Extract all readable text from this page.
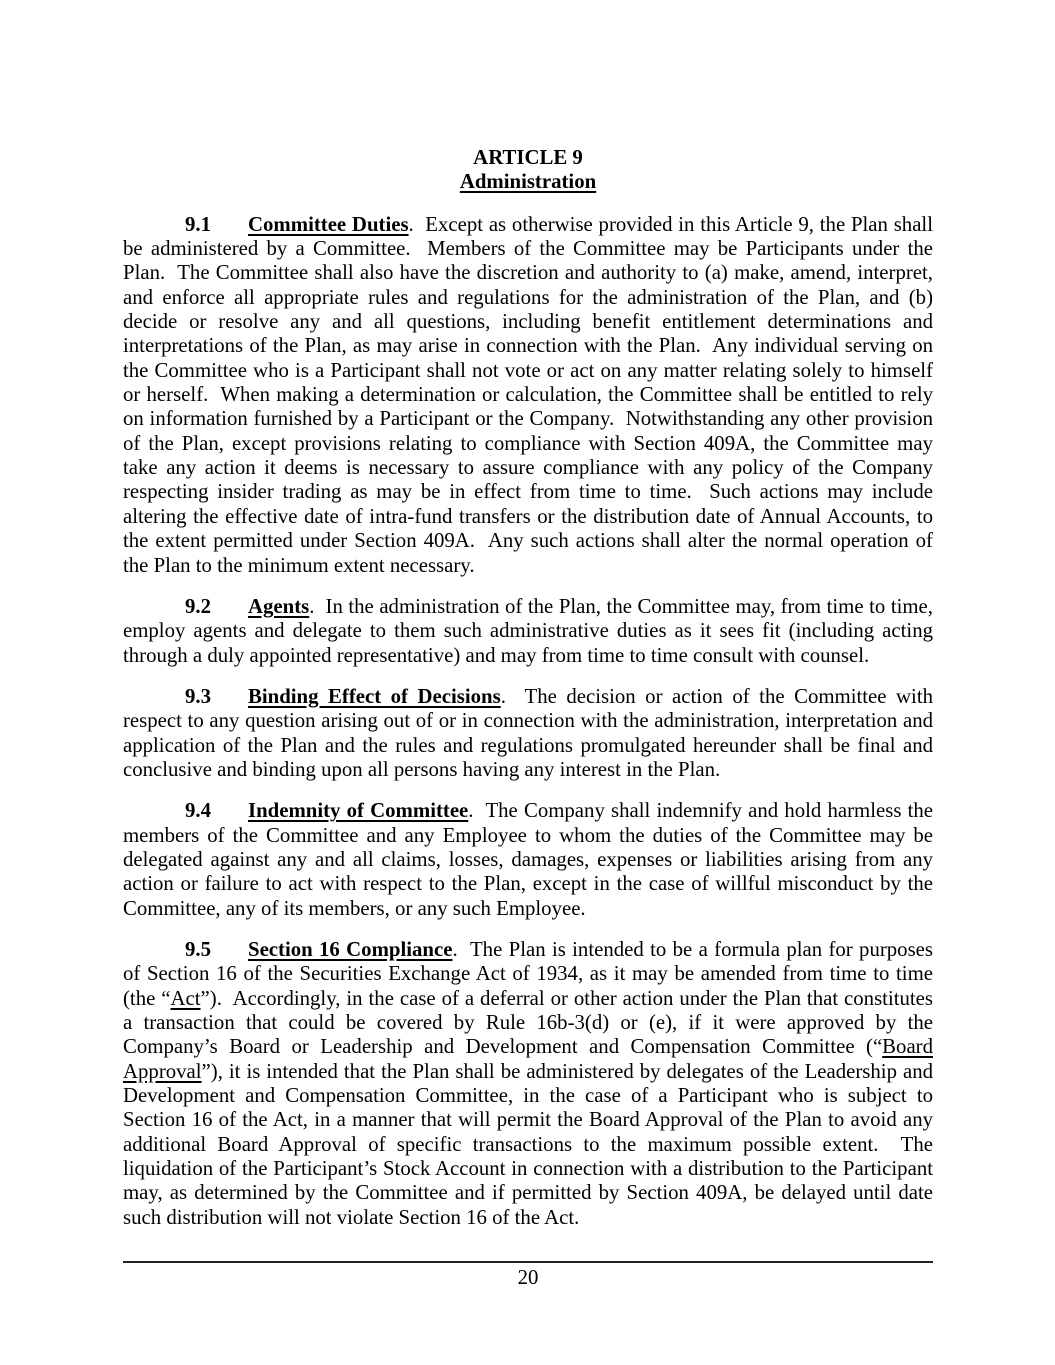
ARTICLE 9
Administration

9.1 Committee Duties.  Except as otherwise provided in this Article 9, the Plan shall be administered by a Committee.  Members of the Committee may be Participants under the Plan.  The Committee shall also have the discretion and authority to (a) make, amend, interpret, and enforce all appropriate rules and regulations for the administration of the Plan, and (b) decide or resolve any and all questions, including benefit entitlement determinations and interpretations of the Plan, as may arise in connection with the Plan.  Any individual serving on the Committee who is a Participant shall not vote or act on any matter relating solely to himself or herself.  When making a determination or calculation, the Committee shall be entitled to rely on information furnished by a Participant or the Company.  Notwithstanding any other provision of the Plan, except provisions relating to compliance with Section 409A, the Committee may take any action it deems is necessary to assure compliance with any policy of the Company respecting insider trading as may be in effect from time to time.  Such actions may include altering the effective date of intra-fund transfers or the distribution date of Annual Accounts, to the extent permitted under Section 409A.  Any such actions shall alter the normal operation of the Plan to the minimum extent necessary.

9.2 Agents.  In the administration of the Plan, the Committee may, from time to time, employ agents and delegate to them such administrative duties as it sees fit (including acting through a duly appointed representative) and may from time to time consult with counsel.

9.3 Binding Effect of Decisions.  The decision or action of the Committee with respect to any question arising out of or in connection with the administration, interpretation and application of the Plan and the rules and regulations promulgated hereunder shall be final and conclusive and binding upon all persons having any interest in the Plan.

9.4 Indemnity of Committee.  The Company shall indemnify and hold harmless the members of the Committee and any Employee to whom the duties of the Committee may be delegated against any and all claims, losses, damages, expenses or liabilities arising from any action or failure to act with respect to the Plan, except in the case of willful misconduct by the Committee, any of its members, or any such Employee.

9.5 Section 16 Compliance.  The Plan is intended to be a formula plan for purposes of Section 16 of the Securities Exchange Act of 1934, as it may be amended from time to time (the “Act”).  Accordingly, in the case of a deferral or other action under the Plan that constitutes a transaction that could be covered by Rule 16b-3(d) or (e), if it were approved by the Company’s Board or Leadership and Development and Compensation Committee (“Board Approval”), it is intended that the Plan shall be administered by delegates of the Leadership and Development and Compensation Committee, in the case of a Participant who is subject to Section 16 of the Act, in a manner that will permit the Board Approval of the Plan to avoid any additional Board Approval of specific transactions to the maximum possible extent.  The liquidation of the Participant’s Stock Account in connection with a distribution to the Participant may, as determined by the Committee and if permitted by Section 409A, be delayed until date such distribution will not violate Section 16 of the Act.

20
